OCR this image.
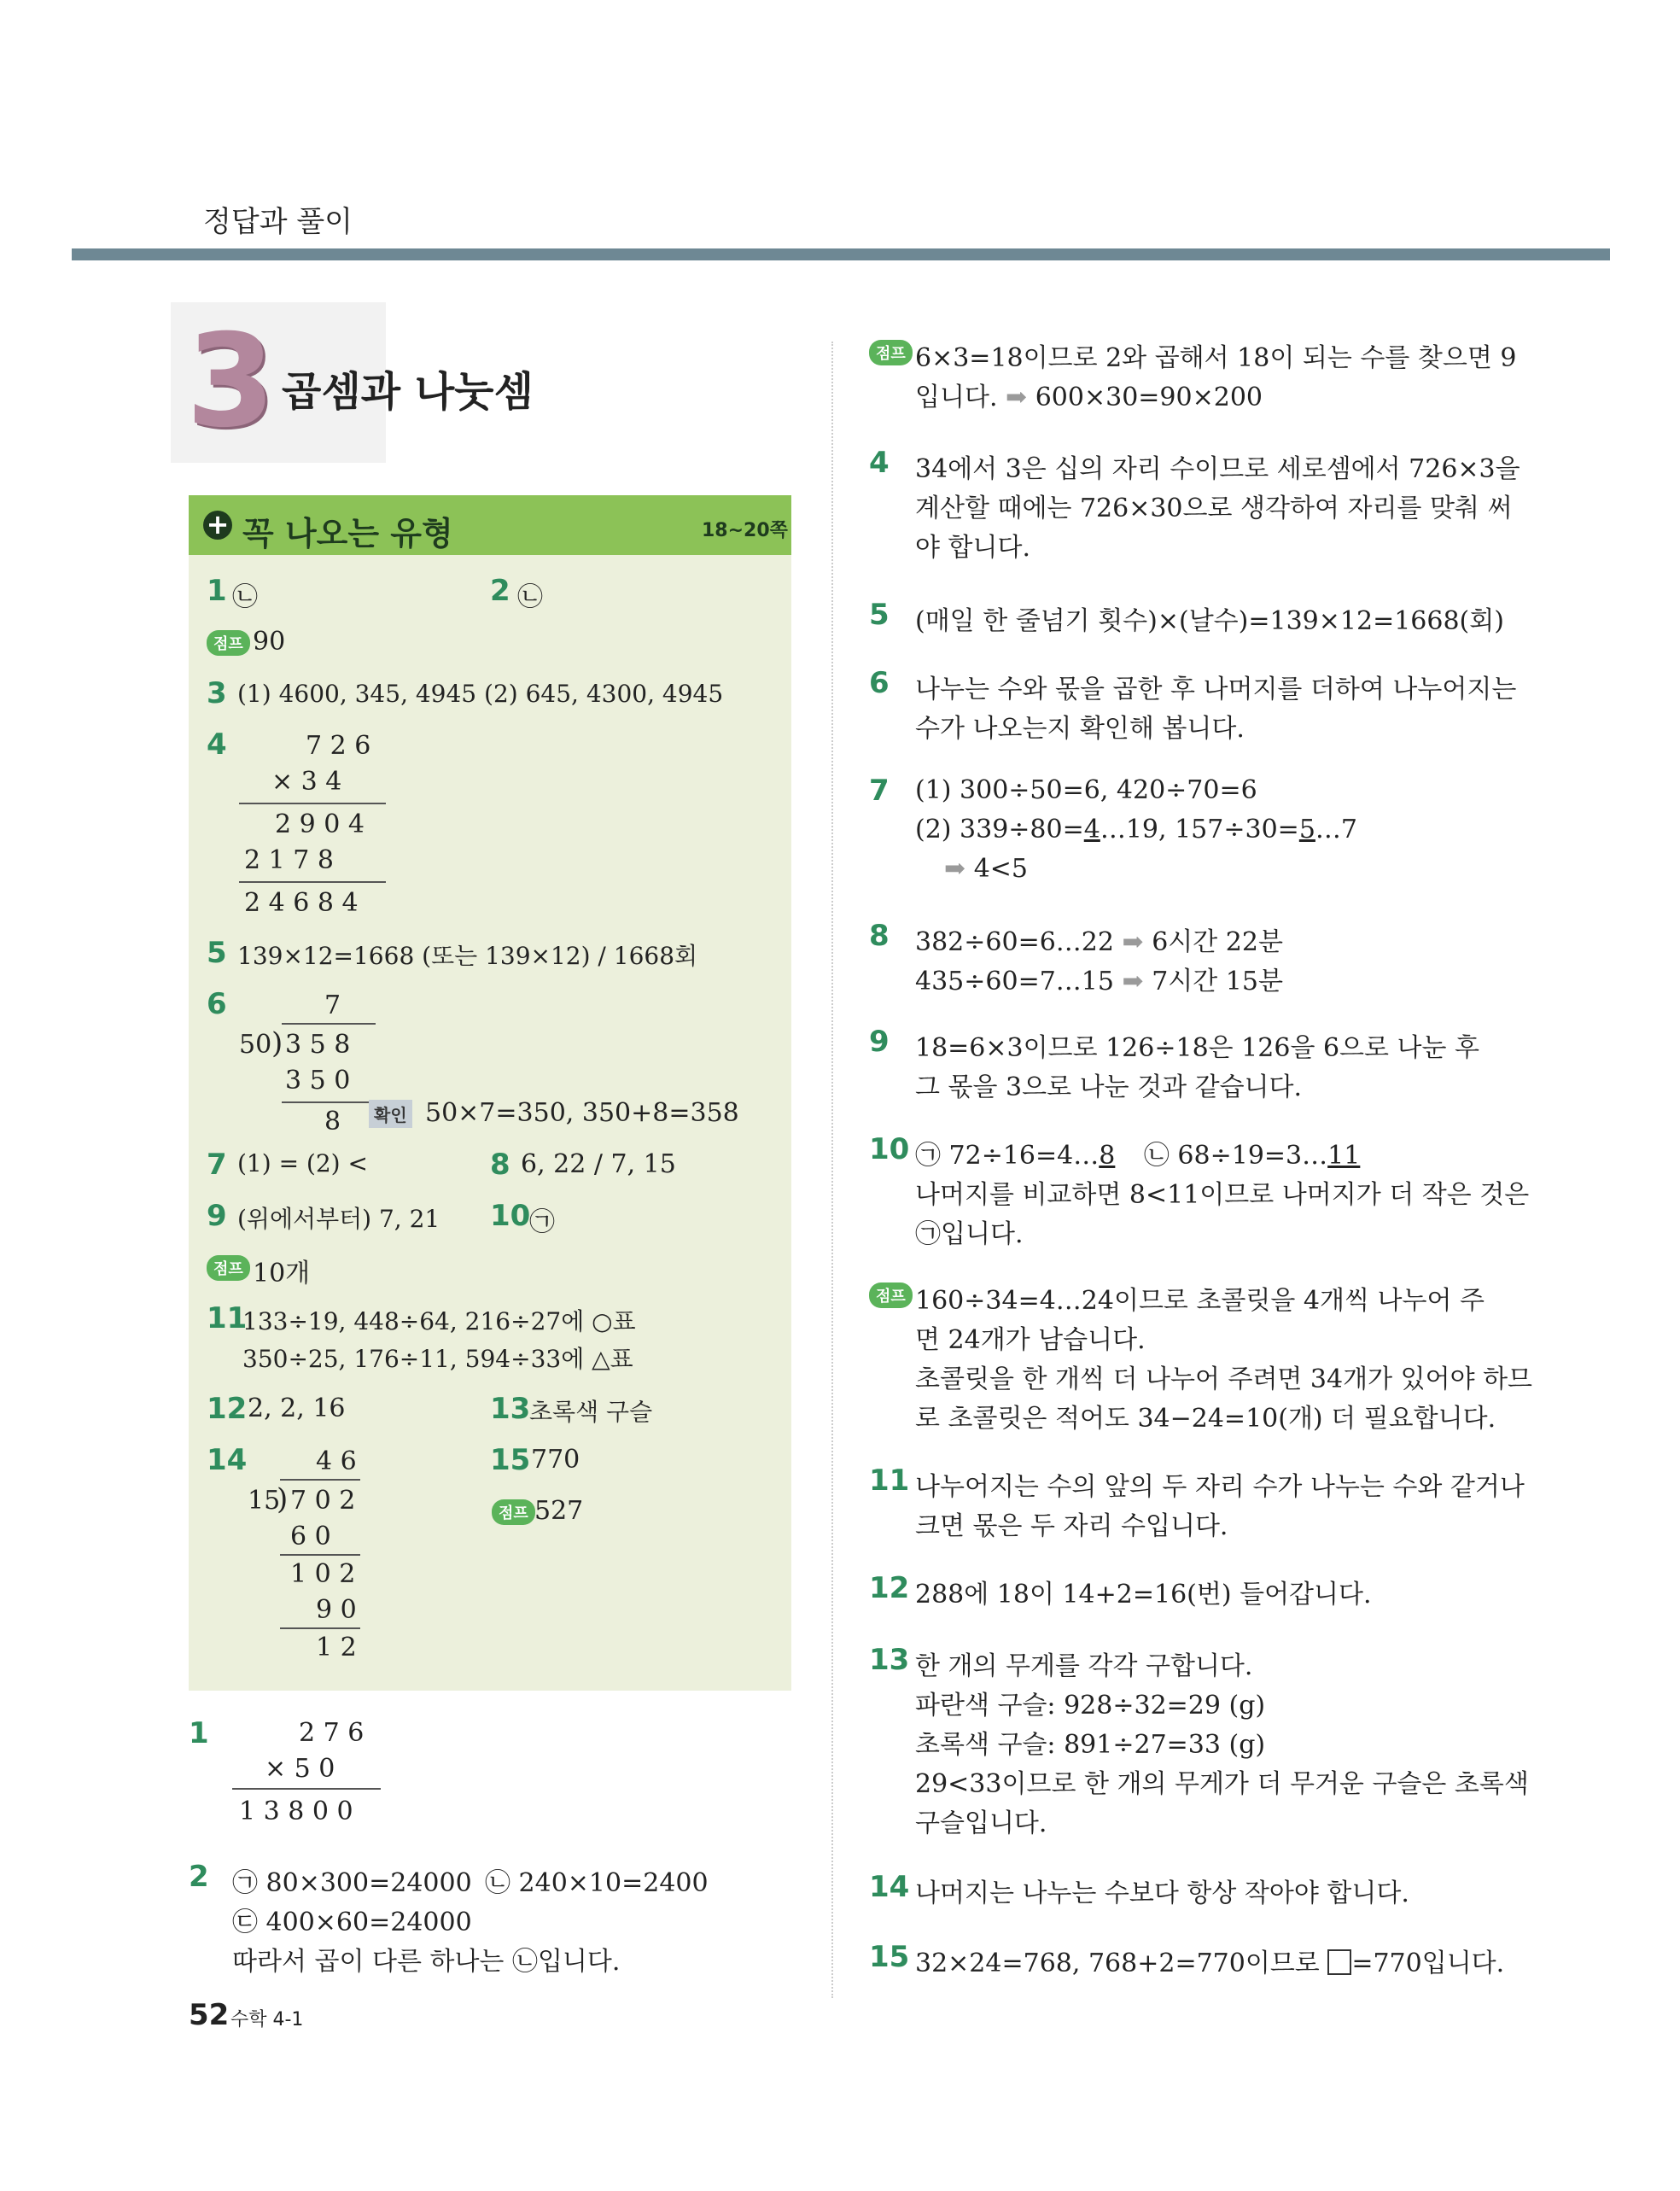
정답과 풀이
3 곱셈과 나눗셈
+ 꼭 나오는 유형	18~20쪽
1 ㉡	2 ㉡
점프 90
3 (1) 4600, 345, 4945 (2) 645, 4300, 4945
4	7 2 6
× 3 4
2 9 0 4
2 1 7 8
2 4 6 8 4
5 139×12=1668 (또는 139×12) / 1668회
6	7
50 ) 3 5 8
3 5 0
8	확인 50×7=350, 350+8=358
7 (1) = (2) <	8 6, 22 / 7, 15
9 (위에서부터) 7, 21 10
㉠
점프 10개
11
133÷19, 448÷64, 216÷27에 ○표
350÷25, 176÷11, 594÷33에 △표
12 2, 2, 16	13
초록색 구슬
14	4 6
15
) 7 0 2
6 0
1 0 2
9 0
1 2
15 770
점프 527
1	2 7 6
× 5 0
1 3 8 0 0
2 ㉠ 80×300=24000 ㉡ 240×10=2400
㉢ 400×60=24000
따라서 곱이 다른 하나는 ㉡입니다.
점프 6×3=18이므로 2와 곱해서 18이 되는 수를 찾으면 9
입니다. ➡ 600×30=90×200
4 34에서 3은 십의 자리 수이므로 세로셈에서 726×3을
계산할 때에는 726×30으로 생각하여 자리를 맞춰 써
야 합니다.
5 (매일 한 줄넘기 횟수)×(날수)=139×12=1668(회)
6 나누는 수와 몫을 곱한 후 나머지를 더하여 나누어지는
수가 나오는지 확인해 봅니다.
7 (1) 300÷50=6, 420÷70=6
(2) 339÷80=4…19, 157÷30=5…7
➡ 4<5
8 382÷60=6…22 ➡ 6시간 22분
435÷60=7…15 ➡ 7시간 15분
9 18=6×3이므로 126÷18은 126을 6으로 나눈 후
그 몫을 3으로 나눈 것과 같습니다.
10 ㉠ 72÷16=4…8 ㉡ 68÷19=3…11
나머지를 비교하면 8<11이므로 나머지가 더 작은 것은
㉠입니다.
점프 160÷34=4…24이므로 초콜릿을 4개씩 나누어 주
면 24개가 남습니다.
초콜릿을 한 개씩 더 나누어 주려면 34개가 있어야 하므
로 초콜릿은 적어도 34−24=10(개) 더 필요합니다.
11 나누어지는 수의 앞의 두 자리 수가 나누는 수와 같거나
크면 몫은 두 자리 수입니다.
12 288에 18이 14+2=16(번) 들어갑니다.
13 한 개의 무게를 각각 구합니다.
파란색 구슬: 928÷32=29 (g)
초록색 구슬: 891÷27=33 (g)
29<33이므로 한 개의 무게가 더 무거운 구슬은 초록색
구슬입니다.
14 나머지는 나누는 수보다 항상 작아야 합니다.
15 32×24=768, 768+2=770이므로 =770입니다.
52 수학 4-1
